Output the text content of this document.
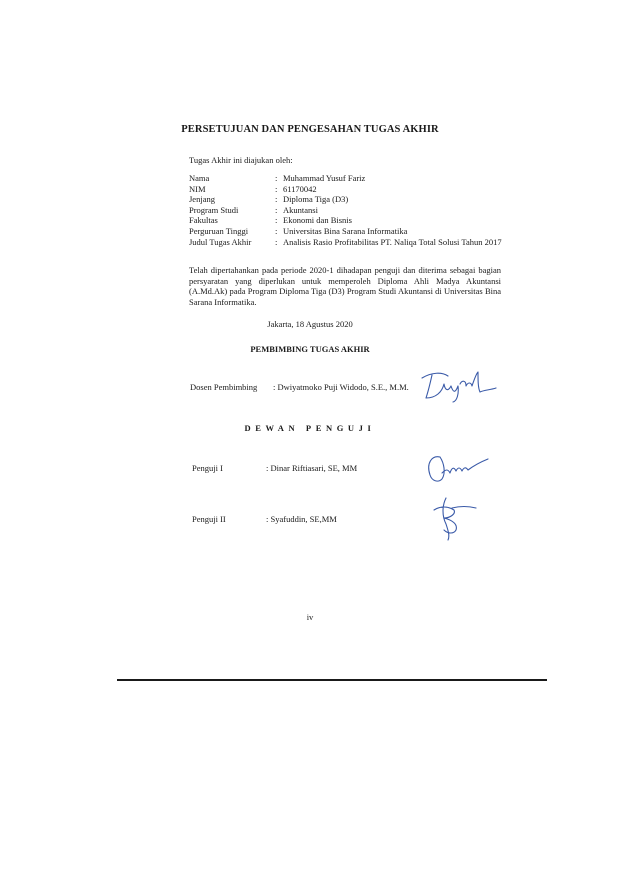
PERSETUJUAN DAN PENGESAHAN TUGAS AKHIR
Tugas Akhir ini diajukan oleh:
Nama	: Muhammad Yusuf Fariz
NIM	: 61170042
Jenjang	: Diploma Tiga (D3)
Program Studi	: Akuntansi
Fakultas	: Ekonomi dan Bisnis
Perguruan Tinggi	: Universitas Bina Sarana Informatika
Judul Tugas Akhir	: Analisis Rasio Profitabilitas PT. Naliqa Total Solusi Tahun 2017
Telah dipertahankan pada periode 2020-1 dihadapan penguji dan diterima sebagai bagian persyaratan yang diperlukan untuk memperoleh Diploma Ahli Madya Akuntansi (A.Md.Ak) pada Program Diploma Tiga (D3) Program Studi Akuntansi di Universitas Bina Sarana Informatika.
Jakarta, 18 Agustus 2020
PEMBIMBING TUGAS AKHIR
Dosen Pembimbing : Dwiyatmoko Puji Widodo, S.E., M.M.
DEWAN PENGUJI
Penguji I	: Dinar Riftiasari, SE, MM
Penguji II	: Syafuddin, SE,MM
iv
